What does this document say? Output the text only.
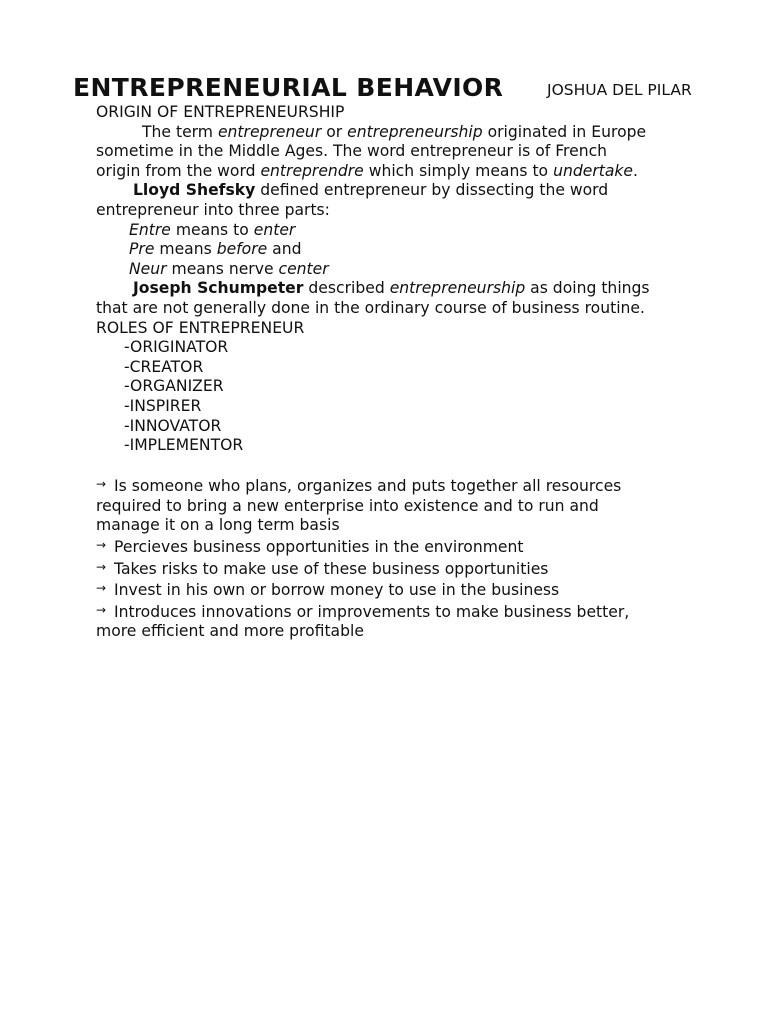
ENTREPRENEURIAL BEHAVIOR	JOSHUA DEL PILAR
ORIGIN OF ENTREPRENEURSHIP
The term entrepreneur or entrepreneurship originated in Europe
sometime in the Middle Ages. The word entrepreneur is of French
origin from the word entreprendre which simply means to undertake.
Lloyd Shefsky defined entrepreneur by dissecting the word
entrepreneur into three parts:
Entre means to enter
Pre means before and
Neur means nerve center
Joseph Schumpeter described entrepreneurship as doing things
that are not generally done in the ordinary course of business routine.
ROLES OF ENTREPRENEUR
-ORIGINATOR
-CREATOR
-ORGANIZER
-INSPIRER
-INNOVATOR
-IMPLEMENTOR
→ Is someone who plans, organizes and puts together all resources
required to bring a new enterprise into existence and to run and
manage it on a long term basis
→ Percieves business opportunities in the environment
→ Takes risks to make use of these business opportunities
→ Invest in his own or borrow money to use in the business
→ Introduces innovations or improvements to make business better,
more efficient and more profitable
